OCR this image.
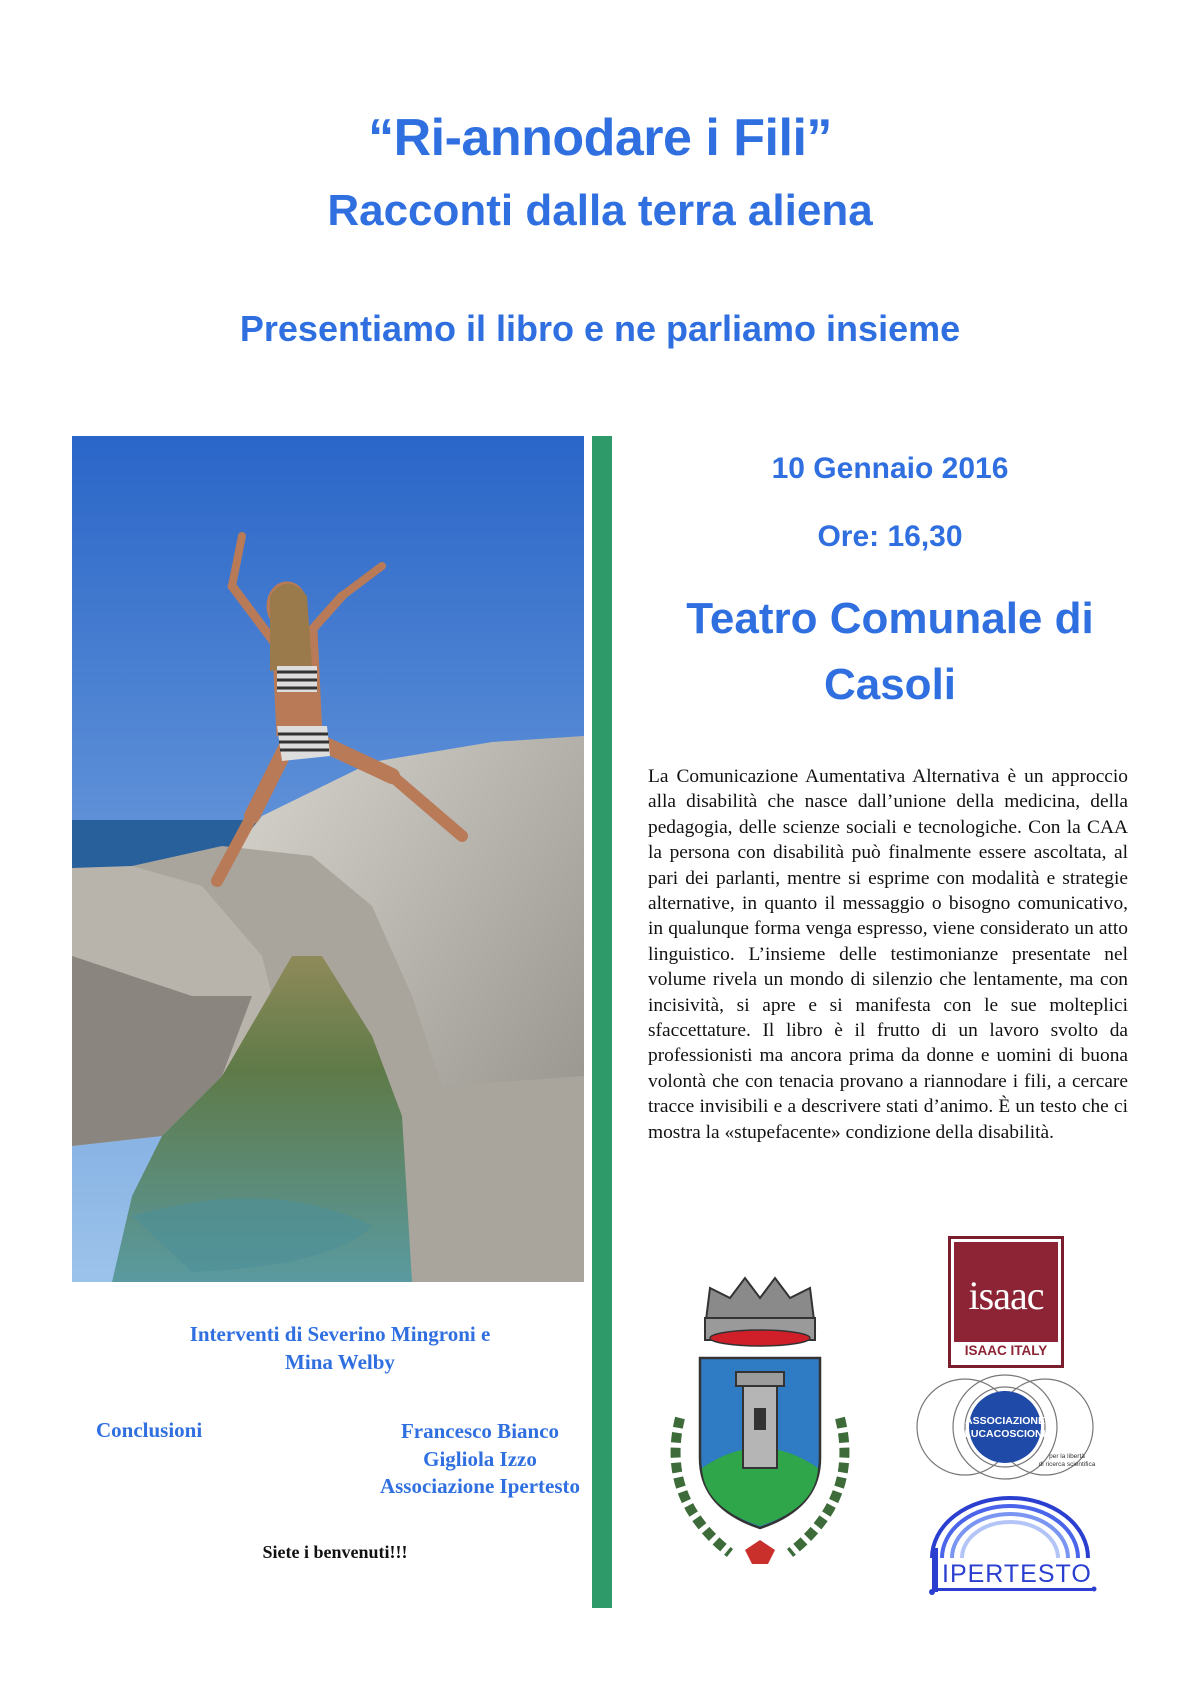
“Ri-annodare i Fili”
Racconti dalla terra aliena
Presentiamo il libro e ne parliamo insieme
10 Gennaio 2016
Ore: 16,30
Teatro Comunale di
Casoli
La Comunicazione Aumentativa Alternativa è un approccio alla disabilità che nasce dall’unione della medicina, della pedagogia, delle scienze sociali e tecnologiche. Con la CAA la persona con disabilità può finalmente essere ascoltata, al pari dei parlanti, mentre si esprime con modalità e strategie alternative, in quanto il messaggio o bisogno comunicativo, in qualunque forma venga espresso, viene considerato un atto linguistico. L’insieme delle testimonianze presentate nel volume rivela un mondo di silenzio che lentamente, ma con incisività, si apre e si manifesta con le sue molteplici sfaccettature. Il libro è il frutto di un lavoro svolto da professionisti ma ancora prima da donne e uomini di buona volontà che con tenacia provano a riannodare i fili, a cercare tracce invisibili e a descrivere stati d’animo. È un testo che ci mostra la «stupefacente» condizione della disabilità.
Interventi di Severino Mingroni e
Mina Welby
Conclusioni	Francesco Bianco
Gigliola Izzo
Associazione Ipertesto
Siete i benvenuti!!!
isaac
ISAAC ITALY
ASSOCIAZIONE
LUCACOSCIONI
per la libertà
di ricerca scientifica
IPERTESTO
